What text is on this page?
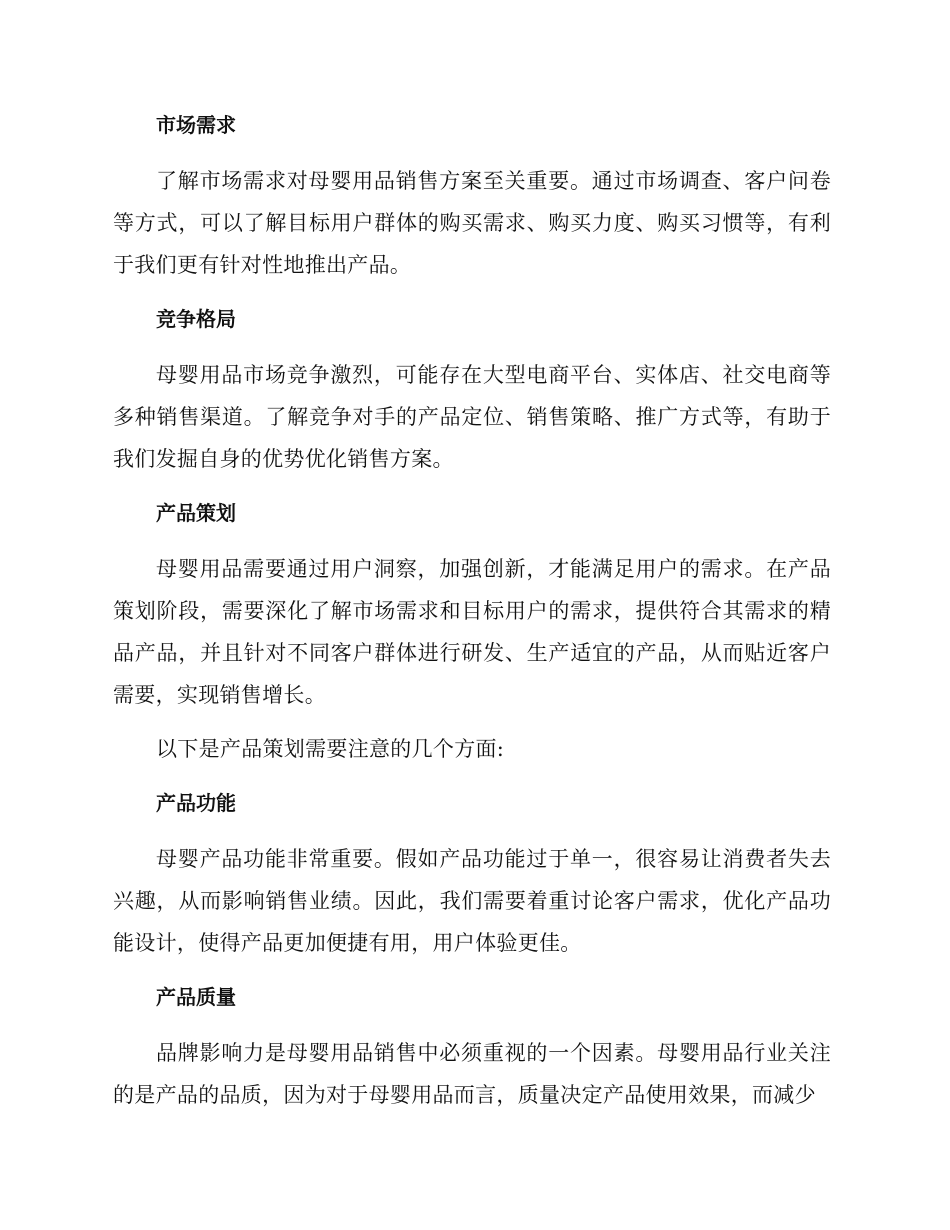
市场需求

了解市场需求对母婴用品销售方案至关重要。通过市场调查、客户问卷等方式，可以了解目标用户群体的购买需求、购买力度、购买习惯等，有利于我们更有针对性地推出产品。

竞争格局

母婴用品市场竞争激烈，可能存在大型电商平台、实体店、社交电商等多种销售渠道。了解竞争对手的产品定位、销售策略、推广方式等，有助于我们发掘自身的优势优化销售方案。

产品策划

母婴用品需要通过用户洞察，加强创新，才能满足用户的需求。在产品策划阶段，需要深化了解市场需求和目标用户的需求，提供符合其需求的精品产品，并且针对不同客户群体进行研发、生产适宜的产品，从而贴近客户需要，实现销售增长。

以下是产品策划需要注意的几个方面:

产品功能

母婴产品功能非常重要。假如产品功能过于单一，很容易让消费者失去兴趣，从而影响销售业绩。因此，我们需要着重讨论客户需求，优化产品功能设计，使得产品更加便捷有用，用户体验更佳。

产品质量

品牌影响力是母婴用品销售中必须重视的一个因素。母婴用品行业关注的是产品的品质，因为对于母婴用品而言，质量决定产品使用效果，而减少
